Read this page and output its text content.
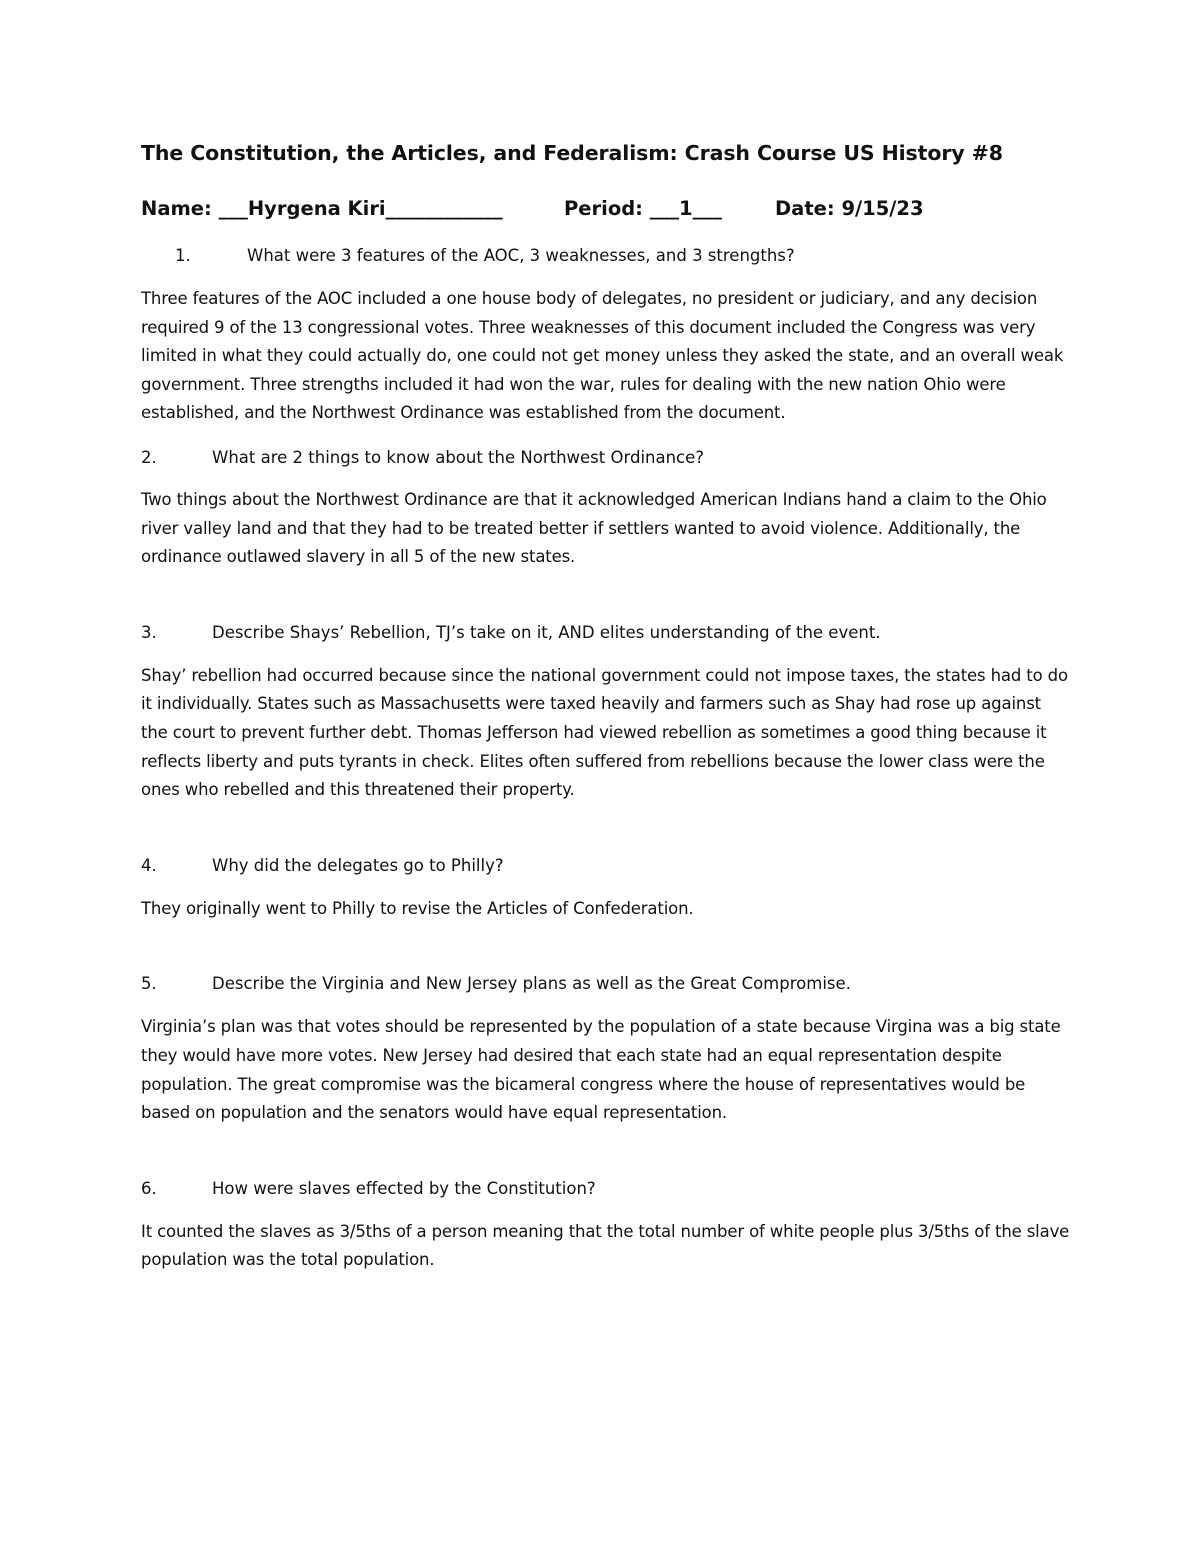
The Constitution, the Articles, and Federalism: Crash Course US History #8
Name: ___Hyrgena Kiri____________	Period: ___1___	Date: 9/15/23
1.	What were 3 features of the AOC, 3 weaknesses, and 3 strengths?

Three features of the AOC included a one house body of delegates, no president or judiciary, and any decision required 9 of the 13 congressional votes. Three weaknesses of this document included the Congress was very limited in what they could actually do, one could not get money unless they asked the state, and an overall weak government. Three strengths included it had won the war, rules for dealing with the new nation Ohio were established, and the Northwest Ordinance was established from the document.

2.	What are 2 things to know about the Northwest Ordinance?

Two things about the Northwest Ordinance are that it acknowledged American Indians hand a claim to the Ohio river valley land and that they had to be treated better if settlers wanted to avoid violence. Additionally, the ordinance outlawed slavery in all 5 of the new states.

3.	Describe Shays’ Rebellion, TJ’s take on it, AND elites understanding of the event.

Shay’ rebellion had occurred because since the national government could not impose taxes, the states had to do it individually. States such as Massachusetts were taxed heavily and farmers such as Shay had rose up against the court to prevent further debt. Thomas Jefferson had viewed rebellion as sometimes a good thing because it reflects liberty and puts tyrants in check. Elites often suffered from rebellions because the lower class were the ones who rebelled and this threatened their property.

4.	Why did the delegates go to Philly?

They originally went to Philly to revise the Articles of Confederation.

5.	Describe the Virginia and New Jersey plans as well as the Great Compromise.

Virginia’s plan was that votes should be represented by the population of a state because Virgina was a big state they would have more votes. New Jersey had desired that each state had an equal representation despite population. The great compromise was the bicameral congress where the house of representatives would be based on population and the senators would have equal representation.

6.	How were slaves effected by the Constitution?

It counted the slaves as 3/5ths of a person meaning that the total number of white people plus 3/5ths of the slave population was the total population.
